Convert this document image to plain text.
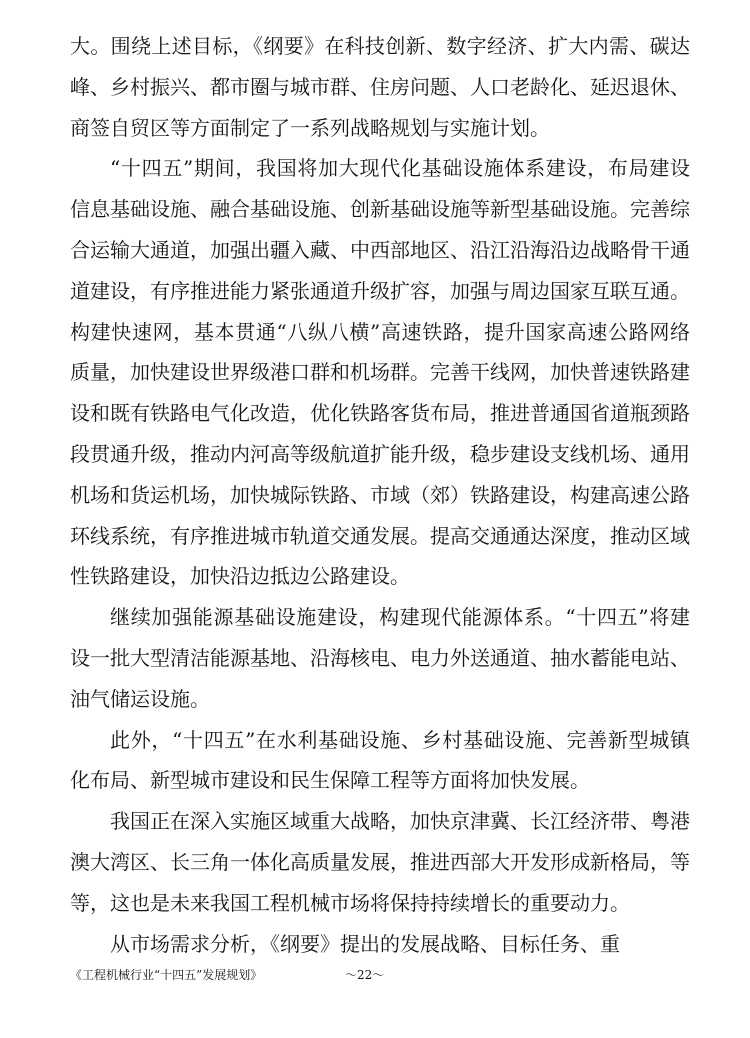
大。围绕上述目标，《纲要》在科技创新、数字经济、扩大内需、碳达峰、乡村振兴、都市圈与城市群、住房问题、人口老龄化、延迟退休、商签自贸区等方面制定了一系列战略规划与实施计划。

“十四五”期间，我国将加大现代化基础设施体系建设，布局建设信息基础设施、融合基础设施、创新基础设施等新型基础设施。完善综合运输大通道，加强出疆入藏、中西部地区、沿江沿海沿边战略骨干通道建设，有序推进能力紧张通道升级扩容，加强与周边国家互联互通。构建快速网，基本贯通“八纵八横”高速铁路，提升国家高速公路网络质量，加快建设世界级港口群和机场群。完善干线网，加快普速铁路建设和既有铁路电气化改造，优化铁路客货布局，推进普通国省道瓶颈路段贯通升级，推动内河高等级航道扩能升级，稳步建设支线机场、通用机场和货运机场，加快城际铁路、市域（郊）铁路建设，构建高速公路环线系统，有序推进城市轨道交通发展。提高交通通达深度，推动区域性铁路建设，加快沿边抵边公路建设。

继续加强能源基础设施建设，构建现代能源体系。“十四五”将建设一批大型清洁能源基地、沿海核电、电力外送通道、抽水蓄能电站、油气储运设施。

此外，“十四五”在水利基础设施、乡村基础设施、完善新型城镇化布局、新型城市建设和民生保障工程等方面将加快发展。

我国正在深入实施区域重大战略，加快京津冀、长江经济带、粤港澳大湾区、长三角一体化高质量发展，推进西部大开发形成新格局，等等，这也是未来我国工程机械市场将保持持续增长的重要动力。

从市场需求分析，《纲要》提出的发展战略、目标任务、重

《工程机械行业“十四五”发展规划》	～22～
